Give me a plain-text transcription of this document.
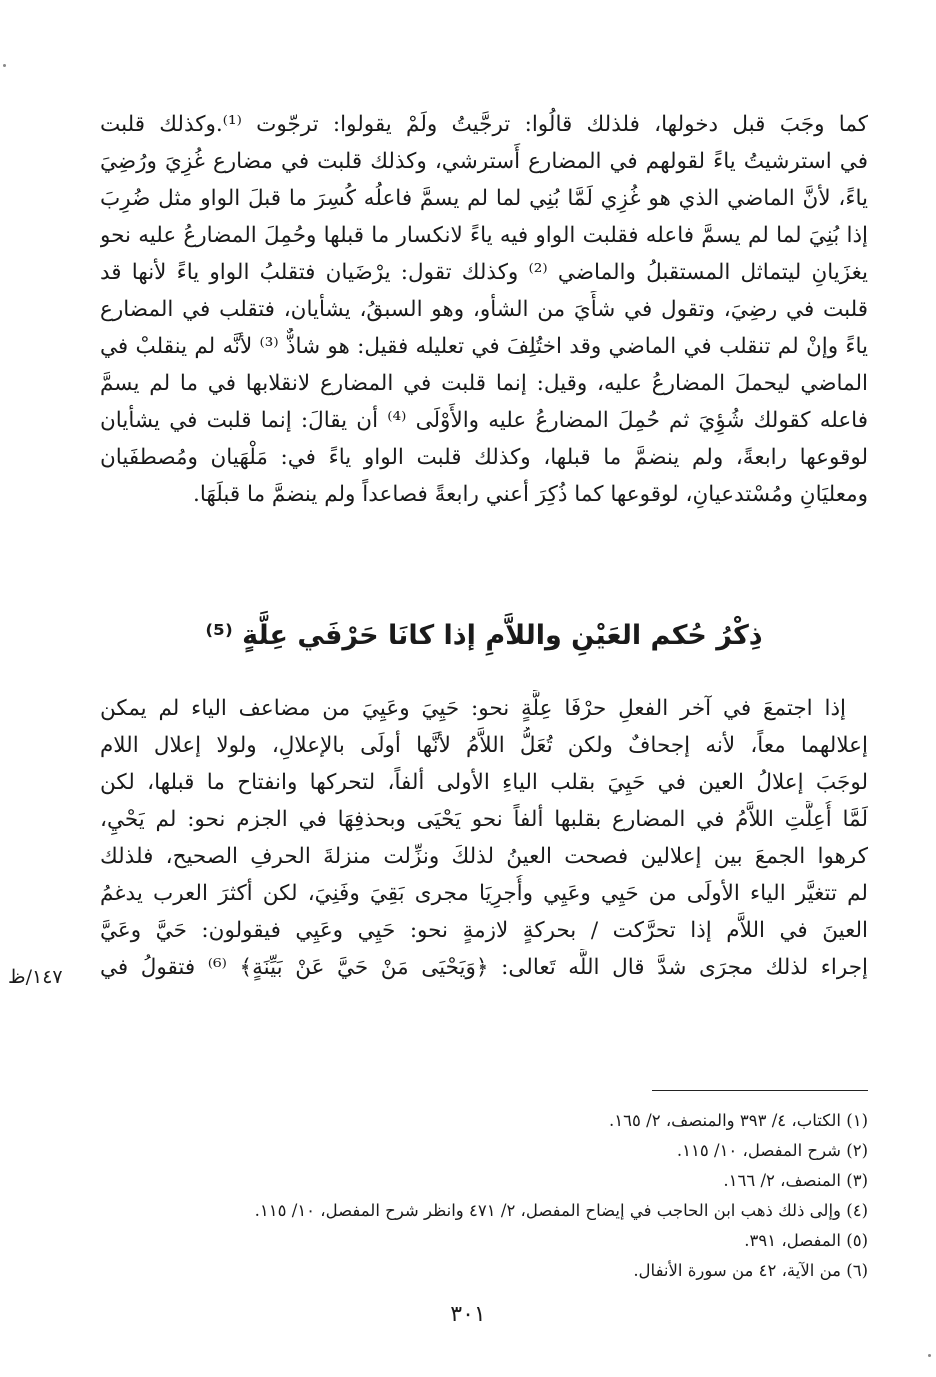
كما وجَبَ قبل دخولها، فلذلك قالُوا: ترجَّيتُ ولَمْ يقولوا: ترجّوت ⁽¹⁾.وكذلك قلبت
في استرشيتُ ياءً لقولهم في المضارع أَسترشي، وكذلك قلبت في مضارع غُزِيَ ورُضِيَ
ياءً، لأنَّ الماضي الذي هو غُزِي لَمَّا بُنِي لما لم يسمَّ فاعلُه كُسِرَ ما قبلَ الواو مثل ضُرِبَ
إذا بُنِيَ لما لم يسمَّ فاعله فقلبت الواو فيه ياءً لانكسار ما قبلها وحُمِلَ المضارعُ عليه نحو
يغزَيانِ ليتماثل المستقبلُ والماضي ⁽²⁾ وكذلك تقول: يرْضَيان فتقلبُ الواو ياءً لأنها قد
قلبت في رضِيَ، وتقول في شأَيَ من الشأو، وهو السبقُ، يشأيان، فتقلب في المضارع
ياءً وإنْ لم تنقلب في الماضي وقد اختُلِفَ في تعليله فقيل: هو شاذٌّ ⁽³⁾ لأنَّه لم ينقلبْ في
الماضي ليحملَ المضارعُ عليه، وقيل: إنما قلبت في المضارع لانقلابها في ما لم يسمَّ
فاعله كقولك شُؤِيَ ثم حُمِلَ المضارعُ عليه والأَوْلَى ⁽⁴⁾ أن يقالَ: إنما قلبت في يشأيان
لوقوعها رابعةً، ولم ينضمَّ ما قبلها، وكذلك قلبت الواو ياءً في: مَلْهَيان ومُصطفَيان
ومعليَانِ ومُسْتدعيانِ، لوقوعها كما ذُكِرَ أعني رابعةً فصاعداً ولم ينضمَّ ما قبلَهَا.
ذِكْرُ حُكم العَيْنِ واللاَّمِ إذا كانَا حَرْفَي عِلَّةٍ ⁽⁵⁾
إذا اجتمعَ في آخر الفعلِ حرْفَا عِلَّةٍ نحو: حَيِيَ وعَيِيَ من مضاعف الياء لم يمكن
إعلالهما معاً، لأنه إجحافٌ ولكن تُعَلُّ اللاَّمُ لأنَّها أولَى بالإعلالِ، ولولا إعلال اللام
لوجَبَ إعلالُ العين في حَيِيَ بقلب الياءِ الأولى ألفاً، لتحركها وانفتاح ما قبلها، لكن
لَمَّا أُعِلَّتِ اللاَّمُ في المضارع بقلبها ألفاً نحو يَحْيَى وبحذفِهَا في الجزم نحو: لم يَحْيِ،
كرهوا الجمعَ بين إعلالين فصحت العينُ لذلكَ ونزِّلت منزلةَ الحرفِ الصحيح، فلذلك
لم تتغيَّر الياء الأولَى من حَيِي وعَيِي وأُجرِيَا مجرى بَقِيَ وفَنِيَ، لكن أكثرَ العرب يدغمُ
العينَ في اللاَّم إذا تحرَّكت / بحركةٍ لازمةٍ نحو: حَيِي وعَيِي فيقولون: حَيَّ وعَيَّ
إجراء لذلك مجرَى شدَّ قال اللَّه تَعالى: ﴿وَيَحْيَى مَنْ حَيَّ عَنْ بَيِّنَةٍ﴾ ⁽⁶⁾ فتقولُ في
١٤٧/ظ
(١) الكتاب، ٤/ ٣٩٣ والمنصف، ٢/ ١٦٥.
(٢) شرح المفصل، ١٠/ ١١٥.
(٣) المنصف، ٢/ ١٦٦.
(٤) وإلى ذلك ذهب ابن الحاجب في إيضاح المفصل، ٢/ ٤٧١ وانظر شرح المفصل، ١٠/ ١١٥.
(٥) المفصل، ٣٩١.
(٦) من الآية، ٤٢ من سورة الأنفال.
٣٠١
